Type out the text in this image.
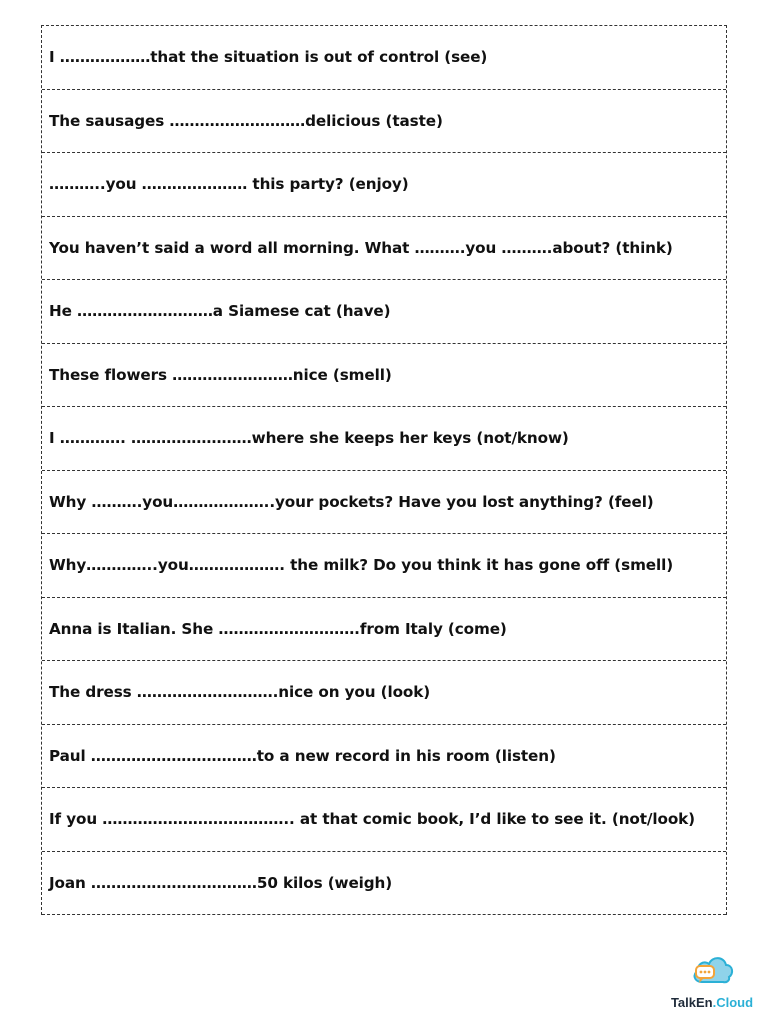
I ………………that the situation is out of control (see)
The sausages ………………………delicious (taste)
………..you ………………… this party? (enjoy)
You haven’t said a word all morning. What ……….you ……….about? (think)
He ………………………a Siamese cat (have)
These flowers ……………………nice (smell)
I …………. ……………………where she keeps her keys (not/know)
Why ……….you………………..your pockets? Have you lost anything? (feel)
Why…………..you………………. the milk? Do you think it has gone off (smell)
Anna is Italian. She ……………………….from Italy (come)
The dress ……………………….nice on you (look)
Paul ……………………………to a new record in his room (listen)
If you ……………………………….. at that comic book, I’d like to see it. (not/look)
Joan ……………………………50 kilos (weigh)
TalkEn.Cloud
